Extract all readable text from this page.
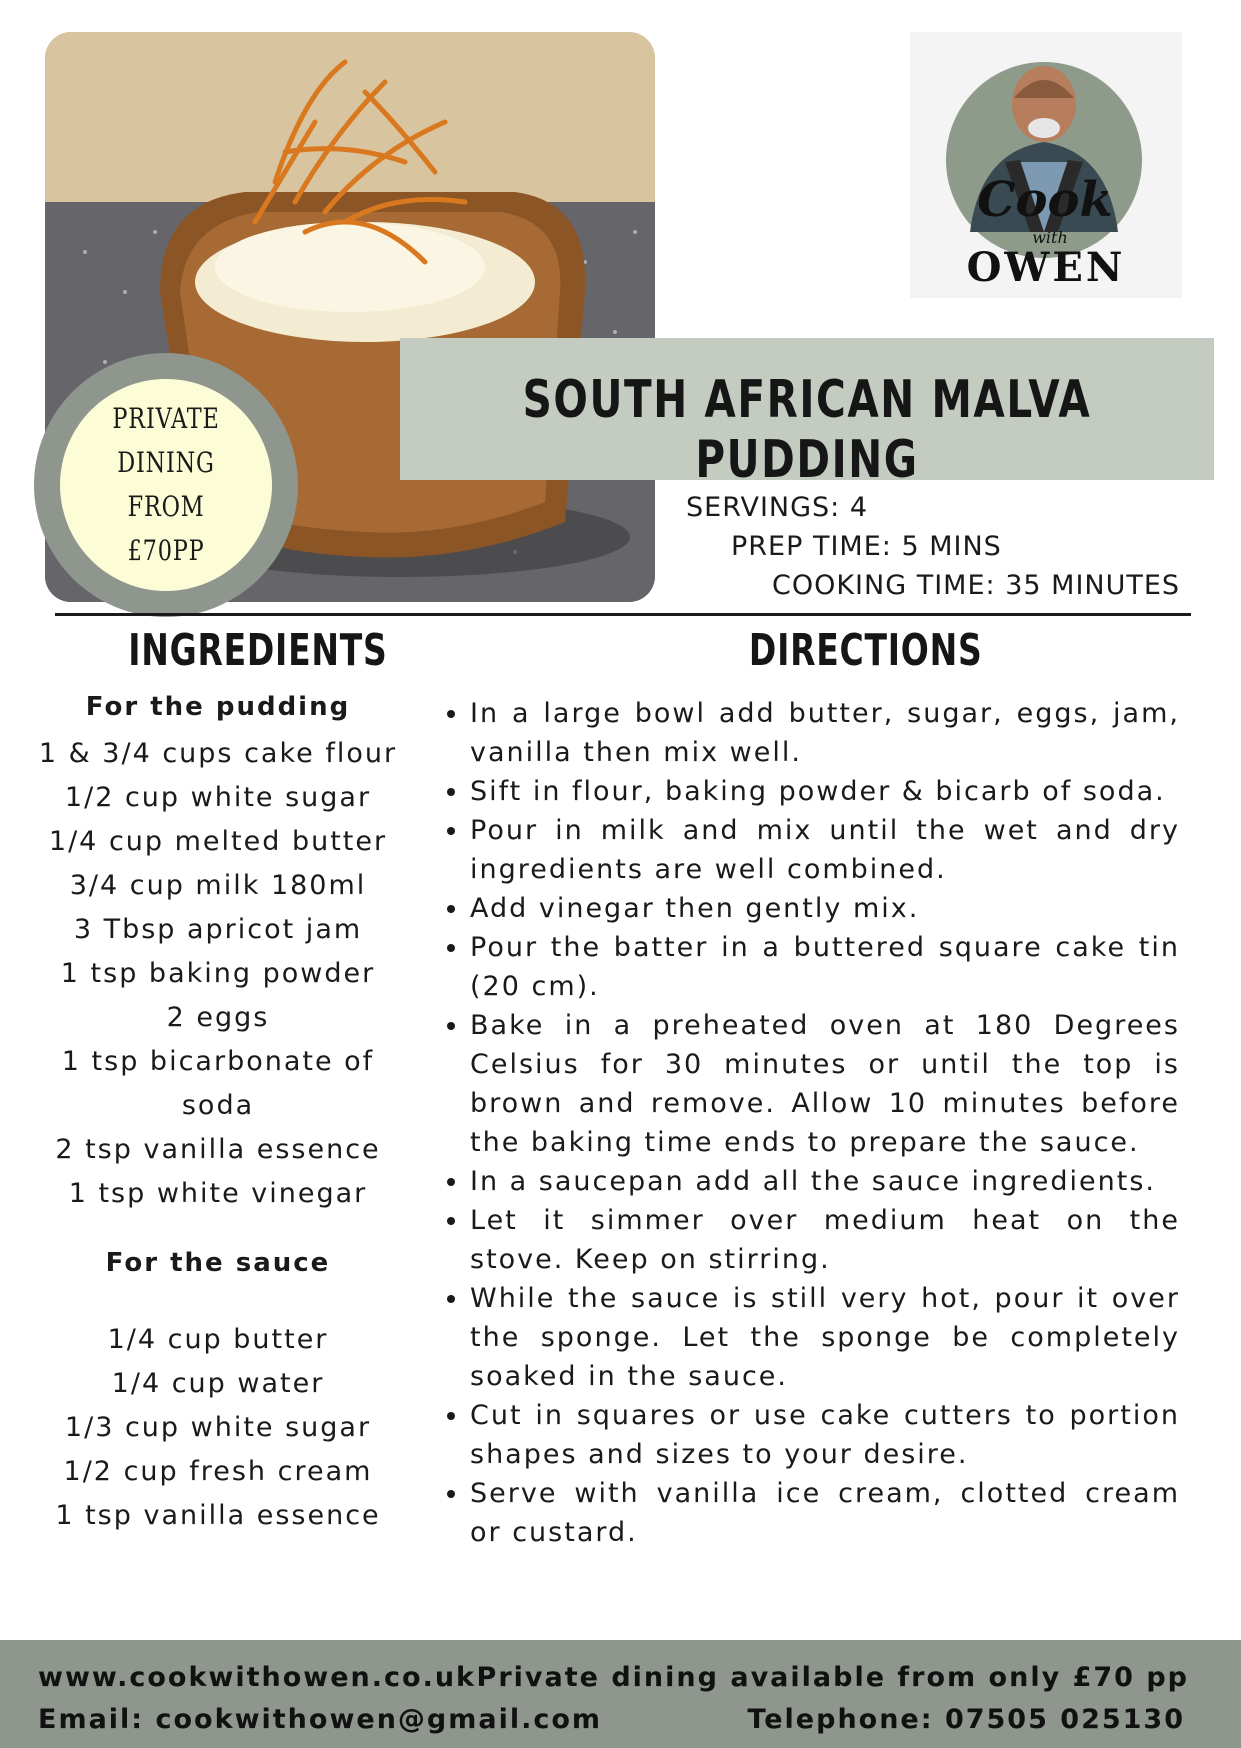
Cook
with
OWEN
SOUTH AFRICAN MALVA PUDDING
PRIVATE
DINING
FROM
£70PP
SERVINGS: 4
PREP TIME: 5 MINS
COOKING TIME: 35 MINUTES
INGREDIENTS	DIRECTIONS

For the pudding

1 & 3/4 cups cake flour

1/2 cup white sugar

1/4 cup melted butter

3/4 cup milk 180ml

3 Tbsp apricot jam

1 tsp baking powder

2 eggs

1 tsp bicarbonate of

soda

2 tsp vanilla essence

1 tsp white vinegar

For the sauce

1/4 cup butter

1/4 cup water

1/3 cup white sugar

1/2 cup fresh cream

1 tsp vanilla essence

• In a large bowl add butter, sugar, eggs, jam, vanilla then mix well.
• Sift in flour, baking powder & bicarb of soda.
• Pour in milk and mix until the wet and dry ingredients are well combined.
• Add vinegar then gently mix.
• Pour the batter in a buttered square cake tin (20 cm).
• Bake in a preheated oven at 180 Degrees Celsius for 30 minutes or until the top is brown and remove. Allow 10 minutes before the baking time ends to prepare the sauce.
• In a saucepan add all the sauce ingredients.
• Let it simmer over medium heat on the stove. Keep on stirring.
• While the sauce is still very hot, pour it over the sponge. Let the sponge be completely soaked in the sauce.
• Cut in squares or use cake cutters to portion shapes and sizes to your desire.
• Serve with vanilla ice cream, clotted cream or custard.
www.cookwithowen.co.uk Private dining available from only £70 pp
Email: cookwithowen@gmail.com	Telephone: 07505 025130
